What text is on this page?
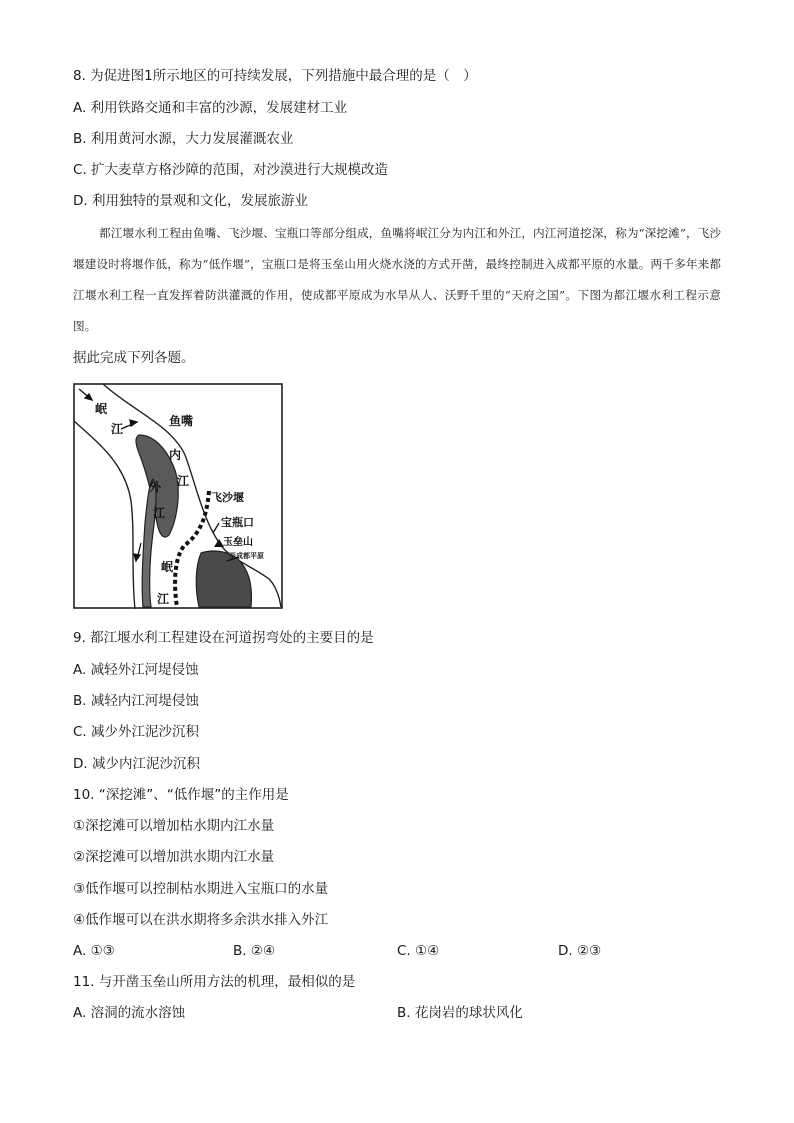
8. 为促进图1所示地区的可持续发展，下列措施中最合理的是（　）
A. 利用铁路交通和丰富的沙源，发展建材工业
B. 利用黄河水源，大力发展灌溉农业
C. 扩大麦草方格沙障的范围，对沙漠进行大规模改造
D. 利用独特的景观和文化，发展旅游业

都江堰水利工程由鱼嘴、飞沙堰、宝瓶口等部分组成，鱼嘴将岷江分为内江和外江，内江河道挖深，称为“深挖滩”，飞沙堰建设时将堰作低，称为“低作堰”，宝瓶口是将玉垒山用火烧水浇的方式开凿，最终控制进入成都平原的水量。两千多年来都江堰水利工程一直发挥着防洪灌溉的作用，使成都平原成为水旱从人、沃野千里的“天府之国”。下图为都江堰水利工程示意图。

据此完成下列各题。
岷
江
鱼嘴
内
江
外
江
飞沙堰
宝瓶口
玉垒山
至成都平原
岷
江
9. 都江堰水利工程建设在河道拐弯处的主要目的是
A. 减轻外江河堤侵蚀
B. 减轻内江河堤侵蚀
C. 减少外江泥沙沉积
D. 减少内江泥沙沉积
10. “深挖滩”、“低作堰”的主作用是
①深挖滩可以增加枯水期内江水量
②深挖滩可以增加洪水期内江水量
③低作堰可以控制枯水期进入宝瓶口的水量
④低作堰可以在洪水期将多余洪水排入外江
A. ①③	B. ②④	C. ①④	D. ②③
11. 与开凿玉垒山所用方法的机理，最相似的是
A. 溶洞的流水溶蚀	B. 花岗岩的球状风化
